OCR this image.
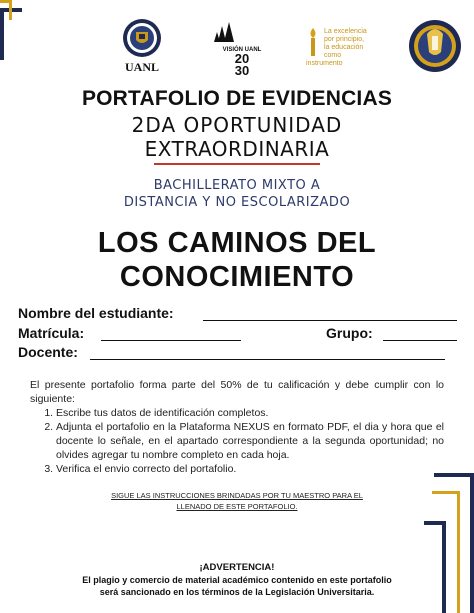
UANL
VISIÓN UANL
20
30
La excelencia
por principio,
la educación
como instrumento
PORTAFOLIO DE EVIDENCIAS
2DA OPORTUNIDAD
EXTRAORDINARIA
BACHILLERATO MIXTO A
DISTANCIA Y NO ESCOLARIZADO
LOS CAMINOS DEL
CONOCIMIENTO
Nombre del estudiante:
Matrícula:	Grupo:
Docente:
El presente portafolio forma parte del 50% de tu calificación y debe cumplir con lo siguiente:
1. Escribe tus datos de identificación completos.
2. Adjunta el portafolio en la Plataforma NEXUS en formato PDF, el dia y hora que el docente lo señale, en el apartado correspondiente a la segunda oportunidad; no olvides agregar tu nombre completo en cada hoja.
3. Verifica el envio correcto del portafolio.
SIGUE LAS INSTRUCCIONES BRINDADAS POR TU MAESTRO PARA EL
LLENADO DE ESTE PORTAFOLIO.
¡ADVERTENCIA!
El plagio y comercio de material académico contenido en este portafolio
será sancionado en los términos de la Legislación Universitaria.
